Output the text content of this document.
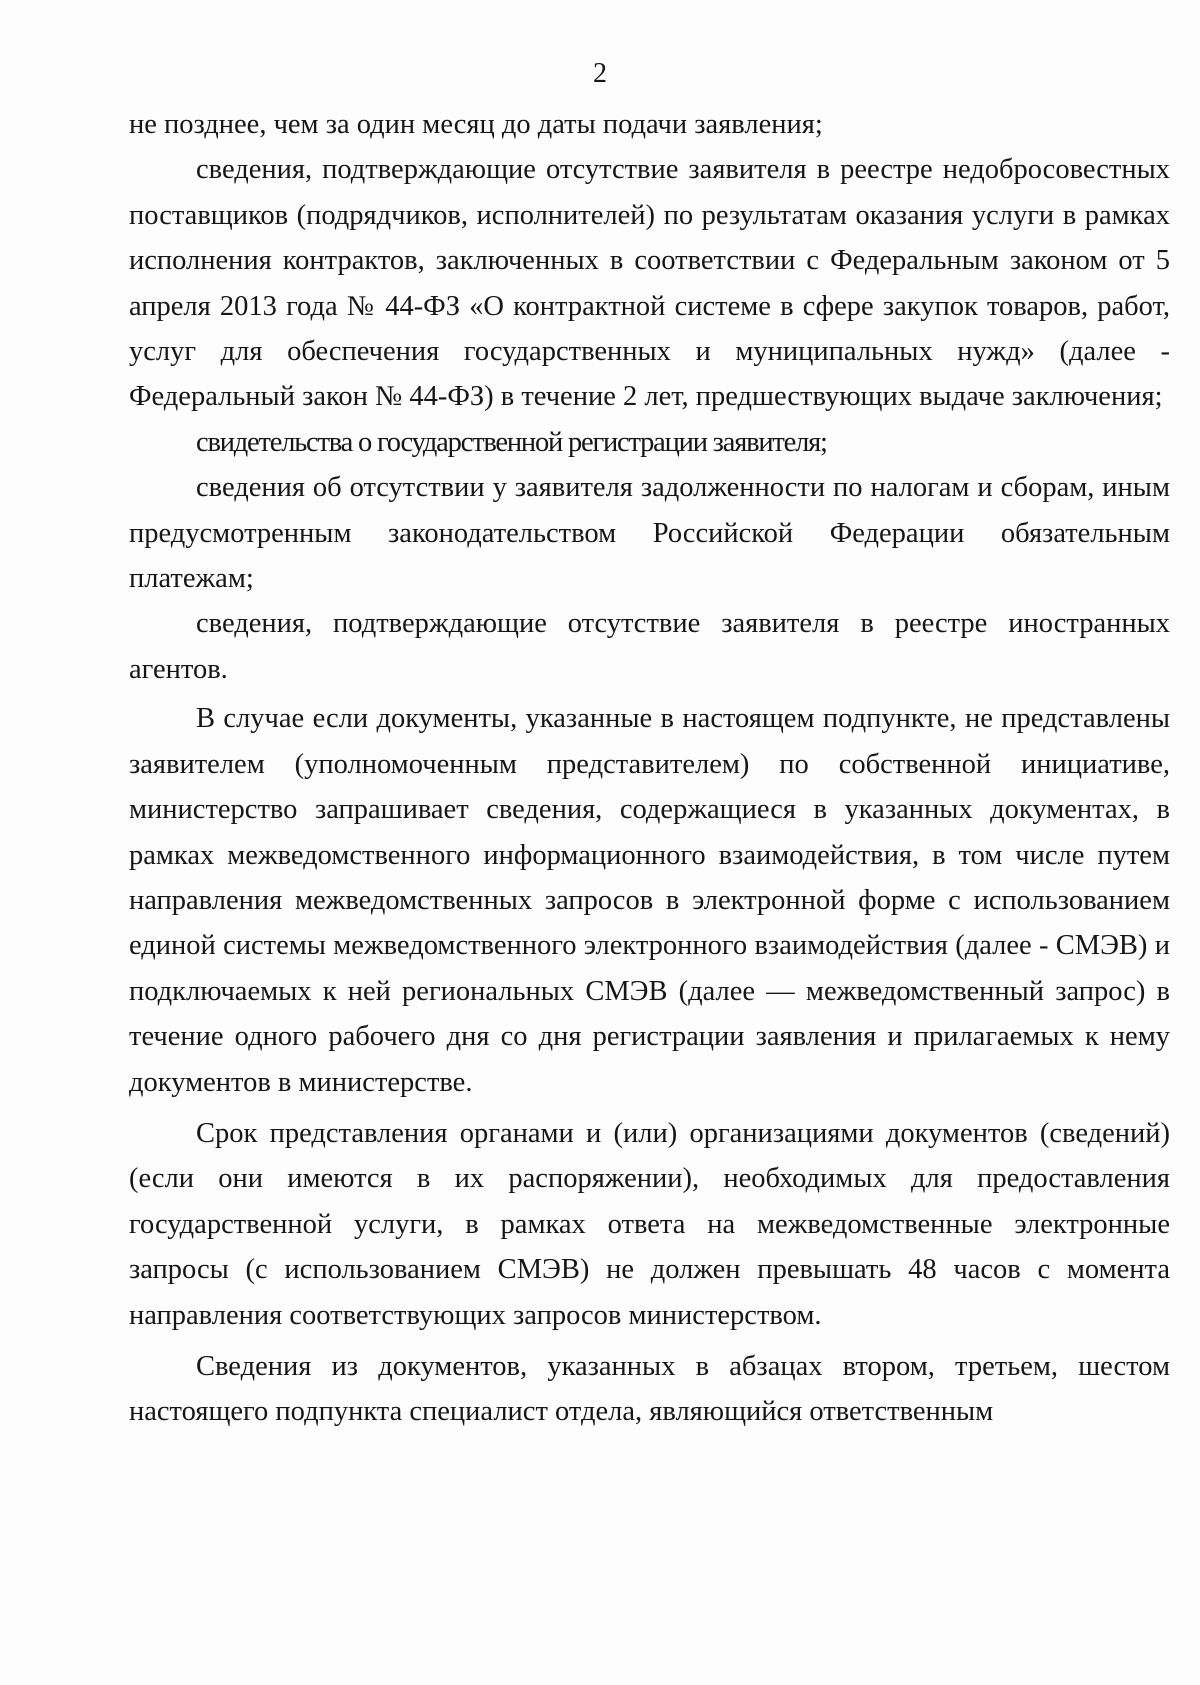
2

не позднее, чем за один месяц до даты подачи заявления;

сведения, подтверждающие отсутствие заявителя в реестре недобросовестных поставщиков (подрядчиков, исполнителей) по результатам оказания услуги в рамках исполнения контрактов, заключенных в соответствии с Федеральным законом от 5 апреля 2013 года № 44-ФЗ «О контрактной системе в сфере закупок товаров, работ, услуг для обеспечения государственных и муниципальных нужд» (далее - Федеральный закон № 44-ФЗ) в течение 2 лет, предшествующих выдаче заключения;

свидетельства о государственной регистрации заявителя;

сведения об отсутствии у заявителя задолженности по налогам и сборам, иным предусмотренным законодательством Российской Федерации обязательным платежам;

сведения, подтверждающие отсутствие заявителя в реестре иностранных агентов.

В случае если документы, указанные в настоящем подпункте, не представлены заявителем (уполномоченным представителем) по собственной инициативе, министерство запрашивает сведения, содержащиеся в указанных документах, в рамках межведомственного информационного взаимодействия, в том числе путем направления межведомственных запросов в электронной форме с использованием единой системы межведомственного электронного взаимодействия (далее - СМЭВ) и подключаемых к ней региональных СМЭВ (далее — межведомственный запрос) в течение одного рабочего дня со дня регистрации заявления и прилагаемых к нему документов в министерстве.

Срок представления органами и (или) организациями документов (сведений) (если они имеются в их распоряжении), необходимых для предоставления государственной услуги, в рамках ответа на межведомственные электронные запросы (с использованием СМЭВ) не должен превышать 48 часов с момента направления соответствующих запросов министерством.

Сведения из документов, указанных в абзацах втором, третьем, шестом настоящего подпункта специалист отдела, являющийся ответственным
